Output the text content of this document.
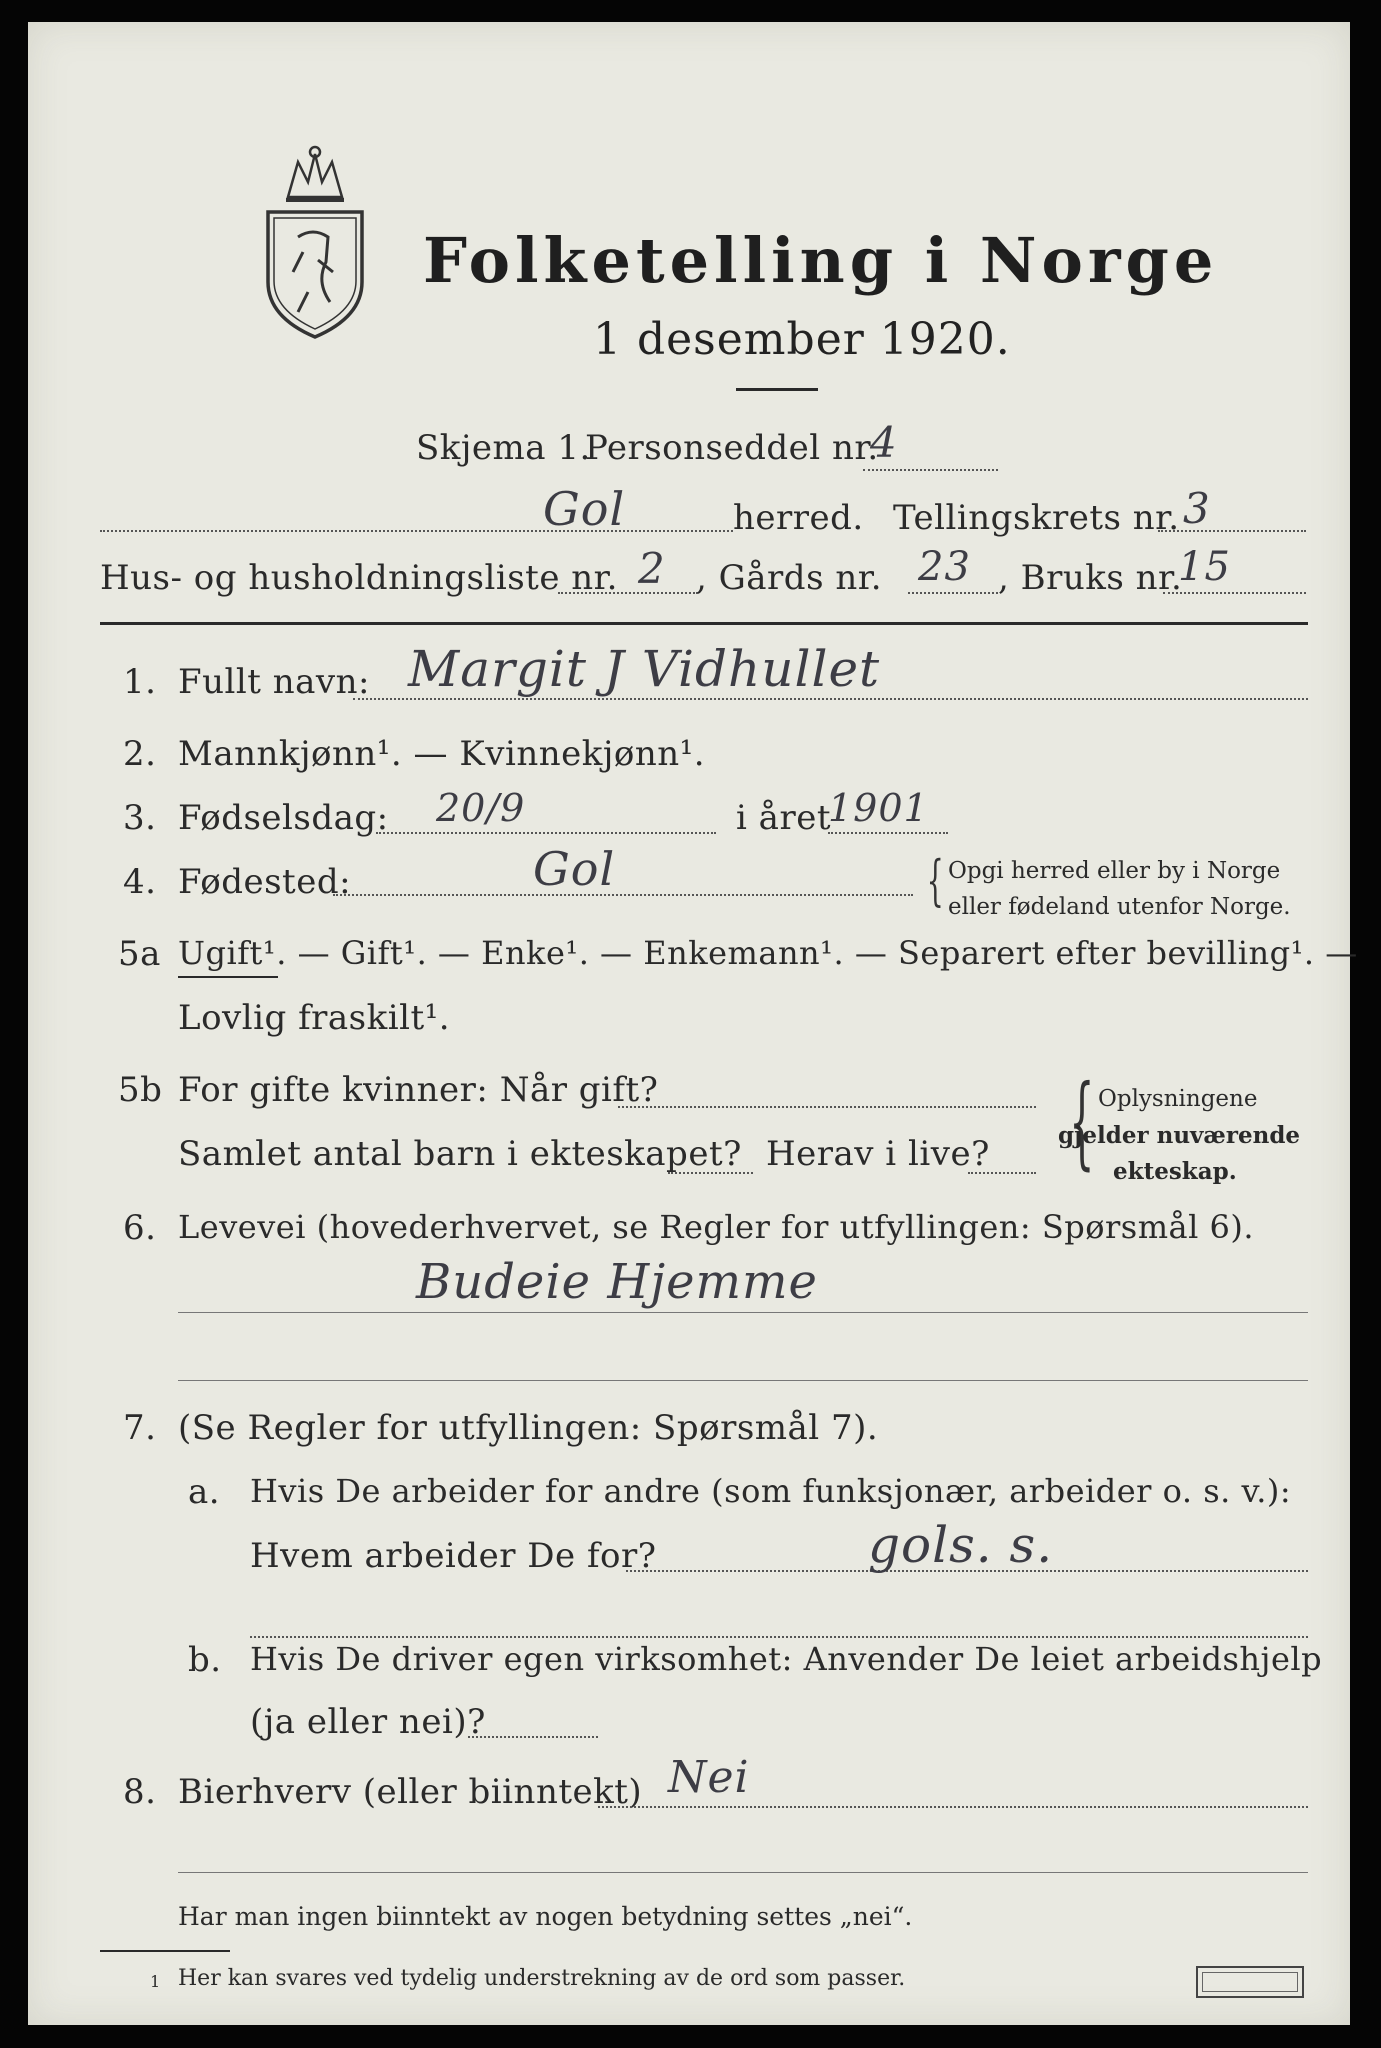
Folketelling i Norge
1 desember 1920.
Skjema 1.
Personseddel nr.
4
Gol	herred. Tellingskrets nr. 3
Hus- og husholdningsliste nr. 2 , Gårds nr. 23 , Bruks nr.
15
1. Fullt navn: Margit J Vidhullet
2. Mannkjønn¹. — Kvinnekjønn¹.
3. Fødselsdag: 20/9	i året
1901
4. Fødested:	Gol	{ Opgi herred eller by i Norge
eller fødeland utenfor Norge.
5a Ugift¹. — Gift¹. — Enke¹. — Enkemann¹. — Separert efter bevilling¹. —
Lovlig fraskilt¹.
5b For gifte kvinner: Når gift?
Samlet antal barn i ekteskapet? Herav i live? { Oplysningene
gjelder nuværende
ekteskap.
6. Levevei (hovederhvervet, se Regler for utfyllingen: Spørsmål 6).
Budeie Hjemme
7. (Se Regler for utfyllingen: Spørsmål 7).
a. Hvis De arbeider for andre (som funksjonær, arbeider o. s. v.):
Hvem arbeider De for?	gols. s.
b. Hvis De driver egen virksomhet: Anvender De leiet arbeidshjelp
(ja eller nei)?
8. Bierhverv (eller biinntekt) Nei
Har man ingen biinntekt av nogen betydning settes „nei“.
1 Her kan svares ved tydelig understrekning av de ord som passer.
